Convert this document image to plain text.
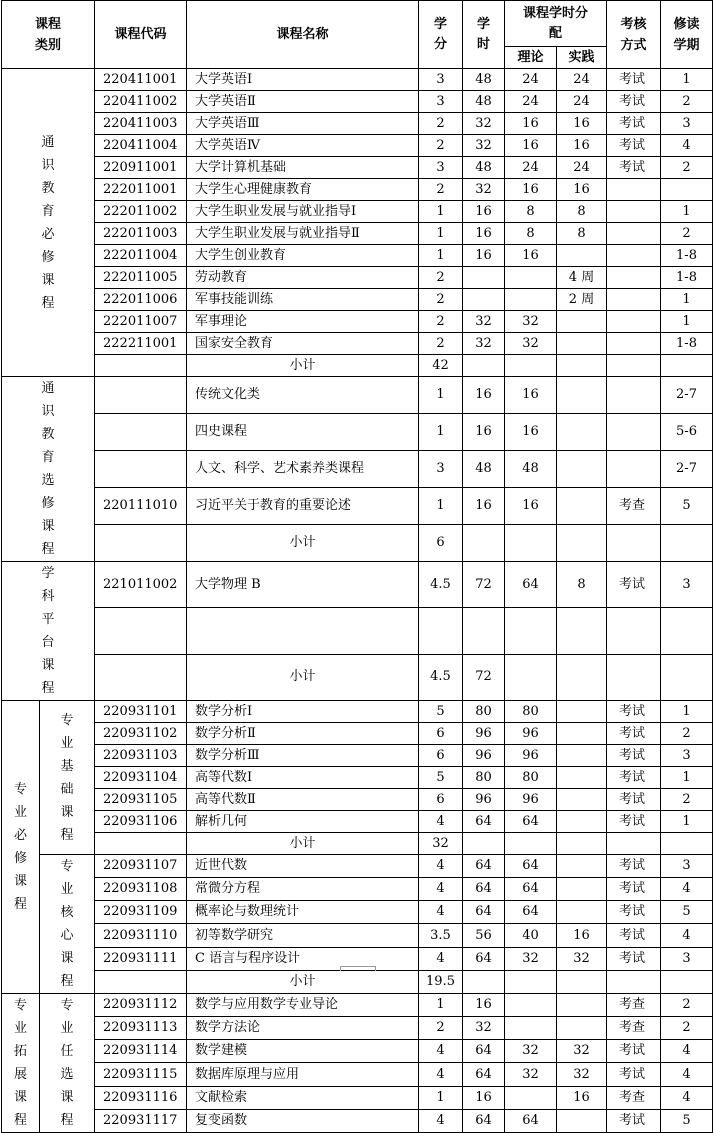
课程类别		课程代码	课程名称	学分	学时	课程学时分配		考核方式	修读学期

						理论	实践		

通识教育必修课程		220411001	大学英语Ⅰ	3	48	24	24	考试	1
		220411002	大学英语Ⅱ	3	48	24	24	考试	2
		220411003	大学英语Ⅲ	2	32	16	16	考试	3
		220411004	大学英语Ⅳ	2	32	16	16	考试	4
		220911001	大学计算机基础	3	48	24	24	考试	2
		222011001	大学生心理健康教育	2	32	16	16		
		222011002	大学生职业发展与就业指导Ⅰ	1	16	8	8		1
		222011003	大学生职业发展与就业指导Ⅱ	1	16	8	8		2
		222011004	大学生创业教育	1	16	16			1-8
		222011005	劳动教育	2			4 周		1-8
		222011006	军事技能训练	2			2 周		1
		222011007	军事理论	2	32	32			1
		222211001	国家安全教育	2	32	32			1-8
			小计	42					

通识教育选修课程			传统文化类	1	16	16			2-7
			四史课程	1	16	16			5-6
			人文、科学、艺术素养类课程	3	48	48			2-7
		220111010	习近平关于教育的重要论述	1	16	16		考查	5
			小计	6					

学科平台课程		221011002	大学物理 B	4.5	72	64	8	考试	3

			小计	4.5	72				

专业必修课程	专业基础课程	220931101	数学分析Ⅰ	5	80	80		考试	1
		220931102	数学分析Ⅱ	6	96	96		考试	2
		220931103	数学分析Ⅲ	6	96	96		考试	3
		220931104	高等代数Ⅰ	5	80	80		考试	1
		220931105	高等代数Ⅱ	6	96	96		考试	2
		220931106	解析几何	4	64	64		考试	1
			小计	32					

	专业核心课程	220931107	近世代数	4	64	64		考试	3
		220931108	常微分方程	4	64	64		考试	4
		220931109	概率论与数理统计	4	64	64		考试	5
		220931110	初等数学研究	3.5	56	40	16	考试	4
		220931111	C 语言与程序设计	4	64	32	32	考试	3
			小计	19.5					

专业拓展课程	专业任选课程	220931112	数学与应用数学专业导论	1	16			考查	2
		220931113	数学方法论	2	32			考查	2
		220931114	数学建模	4	64	32	32	考试	4
		220931115	数据库原理与应用	4	64	32	32	考试	4
		220931116	文献检索	1	16		16	考查	4
		220931117	复变函数	4	64	64		考试	5
